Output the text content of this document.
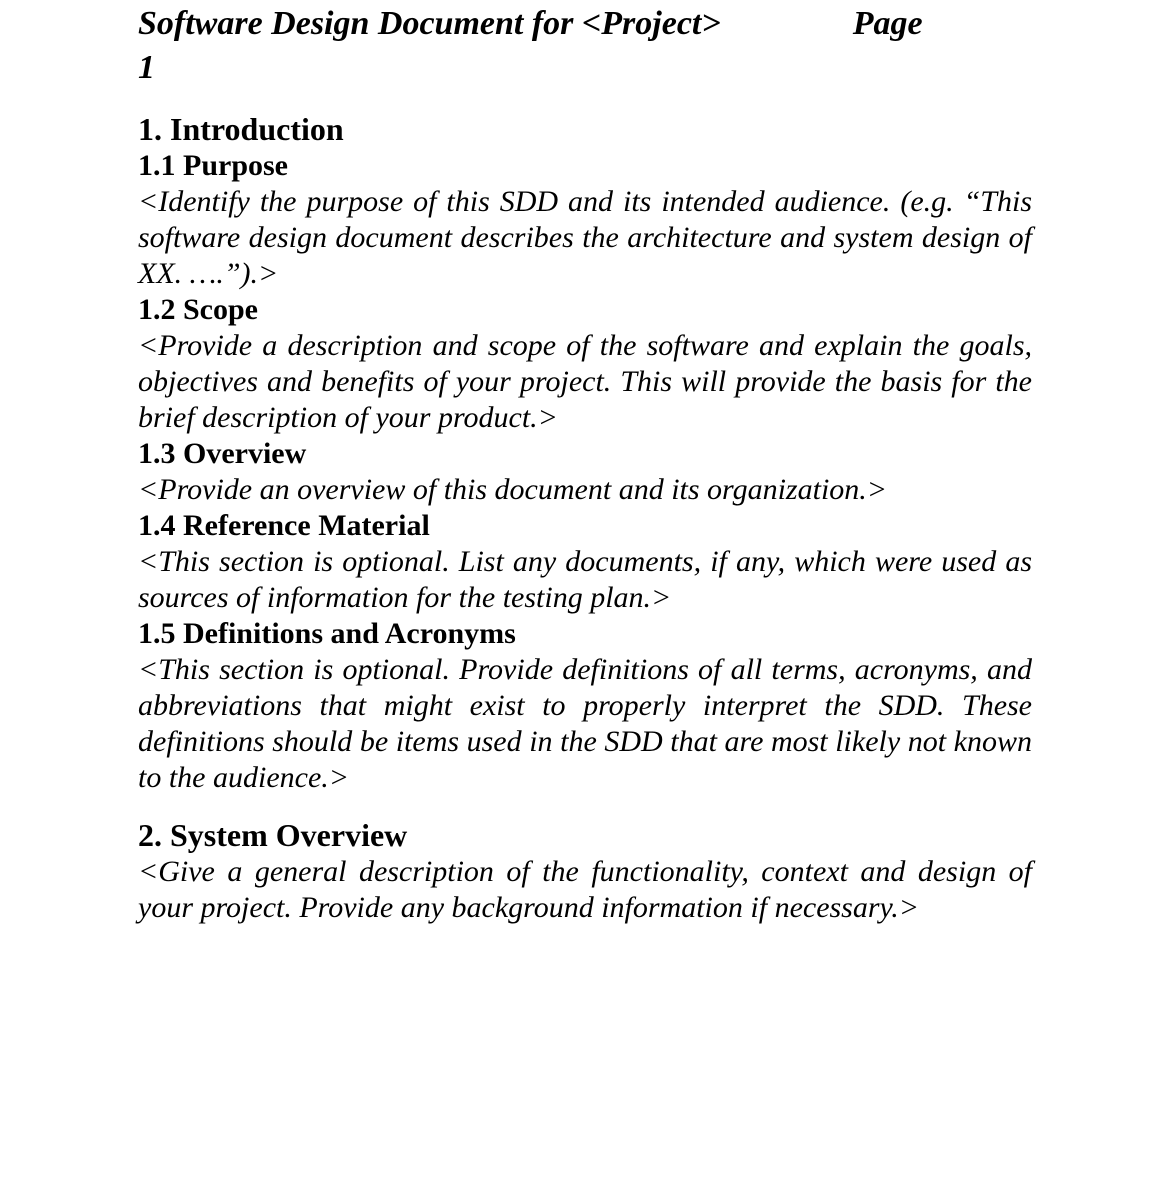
Software Design Document for <Project>	Page
1
1. Introduction
1.1 Purpose

<Identify the purpose of this SDD and its intended audience. (e.g. “This software design document describes the architecture and system design of XX. ….”).>

1.2 Scope

<Provide a description and scope of the software and explain the goals, objectives and benefits of your project. This will provide the basis for the brief description of your product.>

1.3 Overview

<Provide an overview of this document and its organization.>

1.4 Reference Material

<This section is optional. List any documents, if any, which were used as sources of information for the testing plan.>

1.5 Definitions and Acronyms

<This section is optional. Provide definitions of all terms, acronyms, and abbreviations that might exist to properly interpret the SDD. These definitions should be items used in the SDD that are most likely not known to the audience.>

2. System Overview

<Give a general description of the functionality, context and design of your project. Provide any background information if necessary.>
